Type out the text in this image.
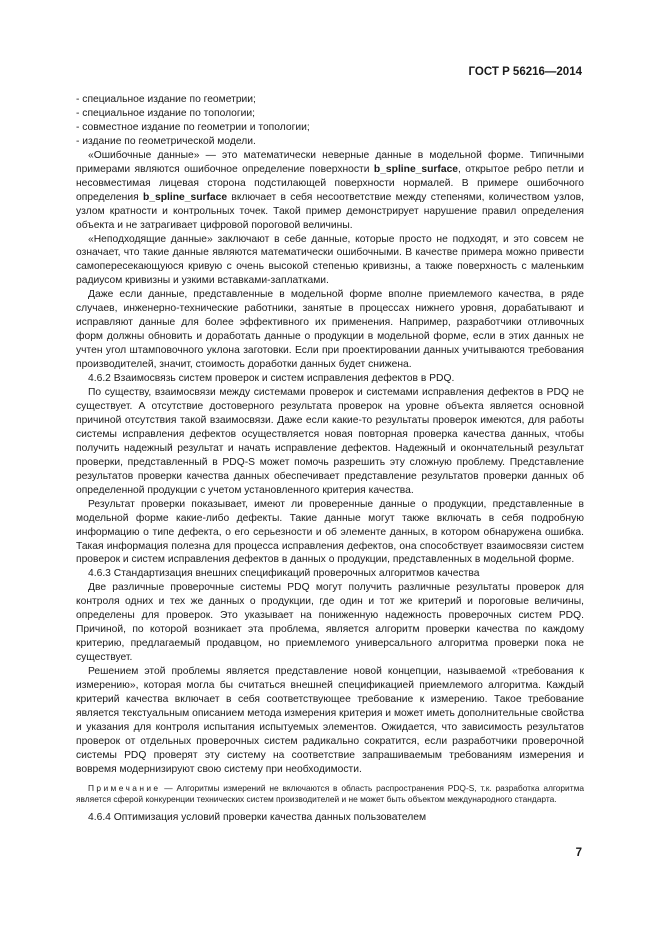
ГОСТ Р 56216—2014

- специальное издание по геометрии;

- специальное издание по топологии;

- совместное издание по геометрии и топологии;

- издание по геометрической модели.

«Ошибочные данные» — это математически неверные данные в модельной форме. Типичными примерами являются ошибочное определение поверхности b_spline_surface, открытое ребро петли и несовместимая лицевая сторона подстилающей поверхности нормалей. В примере ошибочного определения b_spline_surface включает в себя несоответствие между степенями, количеством узлов, узлом кратности и контрольных точек. Такой пример демонстрирует нарушение правил определения объекта и не затрагивает цифровой пороговой величины.

«Неподходящие данные» заключают в себе данные, которые просто не подходят, и это совсем не означает, что такие данные являются математически ошибочными. В качестве примера можно привести самопересекающуюся кривую с очень высокой степенью кривизны, а также поверхность с маленьким радиусом кривизны и узкими вставками-заплатками.

Даже если данные, представленные в модельной форме вполне приемлемого качества, в ряде случаев, инженерно-технические работники, занятые в процессах нижнего уровня, дорабатывают и исправляют данные для более эффективного их применения. Например, разработчики отливочных форм должны обновить и доработать данные о продукции в модельной форме, если в этих данных не учтен угол штамповочного уклона заготовки. Если при проектировании данных учитываются требования производителей, значит, стоимость доработки данных будет снижена.

4.6.2 Взаимосвязь систем проверок и систем исправления дефектов в PDQ.

По существу, взаимосвязи между системами проверок и системами исправления дефектов в PDQ не существует. А отсутствие достоверного результата проверок на уровне объекта является основной причиной отсутствия такой взаимосвязи. Даже если какие-то результаты проверок имеются, для работы системы исправления дефектов осуществляется новая повторная проверка качества данных, чтобы получить надежный результат и начать исправление дефектов. Надежный и окончательный результат проверки, представленный в PDQ-S может помочь разрешить эту сложную проблему. Представление результатов проверки качества данных обеспечивает представление результатов проверки данных об определенной продукции с учетом установленного критерия качества.

Результат проверки показывает, имеют ли проверенные данные о продукции, представленные в модельной форме какие-либо дефекты. Такие данные могут также включать в себя подробную информацию о типе дефекта, о его серьезности и об элементе данных, в котором обнаружена ошибка. Такая информация полезна для процесса исправления дефектов, она способствует взаимосвязи систем проверок и систем исправления дефектов в данных о продукции, представленных в модельной форме.

4.6.3 Стандартизация внешних спецификаций проверочных алгоритмов качества

Две различные проверочные системы PDQ могут получить различные результаты проверок для контроля одних и тех же данных о продукции, где один и тот же критерий и пороговые величины, определены для проверок. Это указывает на пониженную надежность проверочных систем PDQ. Причиной, по которой возникает эта проблема, является алгоритм проверки качества по каждому критерию, предлагаемый продавцом, но приемлемого универсального алгоритма проверки пока не существует.

Решением этой проблемы является представление новой концепции, называемой «требования к измерению», которая могла бы считаться внешней спецификацией приемлемого алгоритма. Каждый критерий качества включает в себя соответствующее требование к измерению. Такое требование является текстуальным описанием метода измерения критерия и может иметь дополнительные свойства и указания для контроля испытания испытуемых элементов. Ожидается, что зависимость результатов проверок от отдельных проверочных систем радикально сократится, если разработчики проверочной системы PDQ проверят эту систему на соответствие запрашиваемым требованиям измерения и вовремя модернизируют свою систему при необходимости.

Примечание — Алгоритмы измерений не включаются в область распространения PDQ-S, т.к. разработка алгоритма является сферой конкуренции технических систем производителей и не может быть объектом международного стандарта.

4.6.4 Оптимизация условий проверки качества данных пользователем

7
